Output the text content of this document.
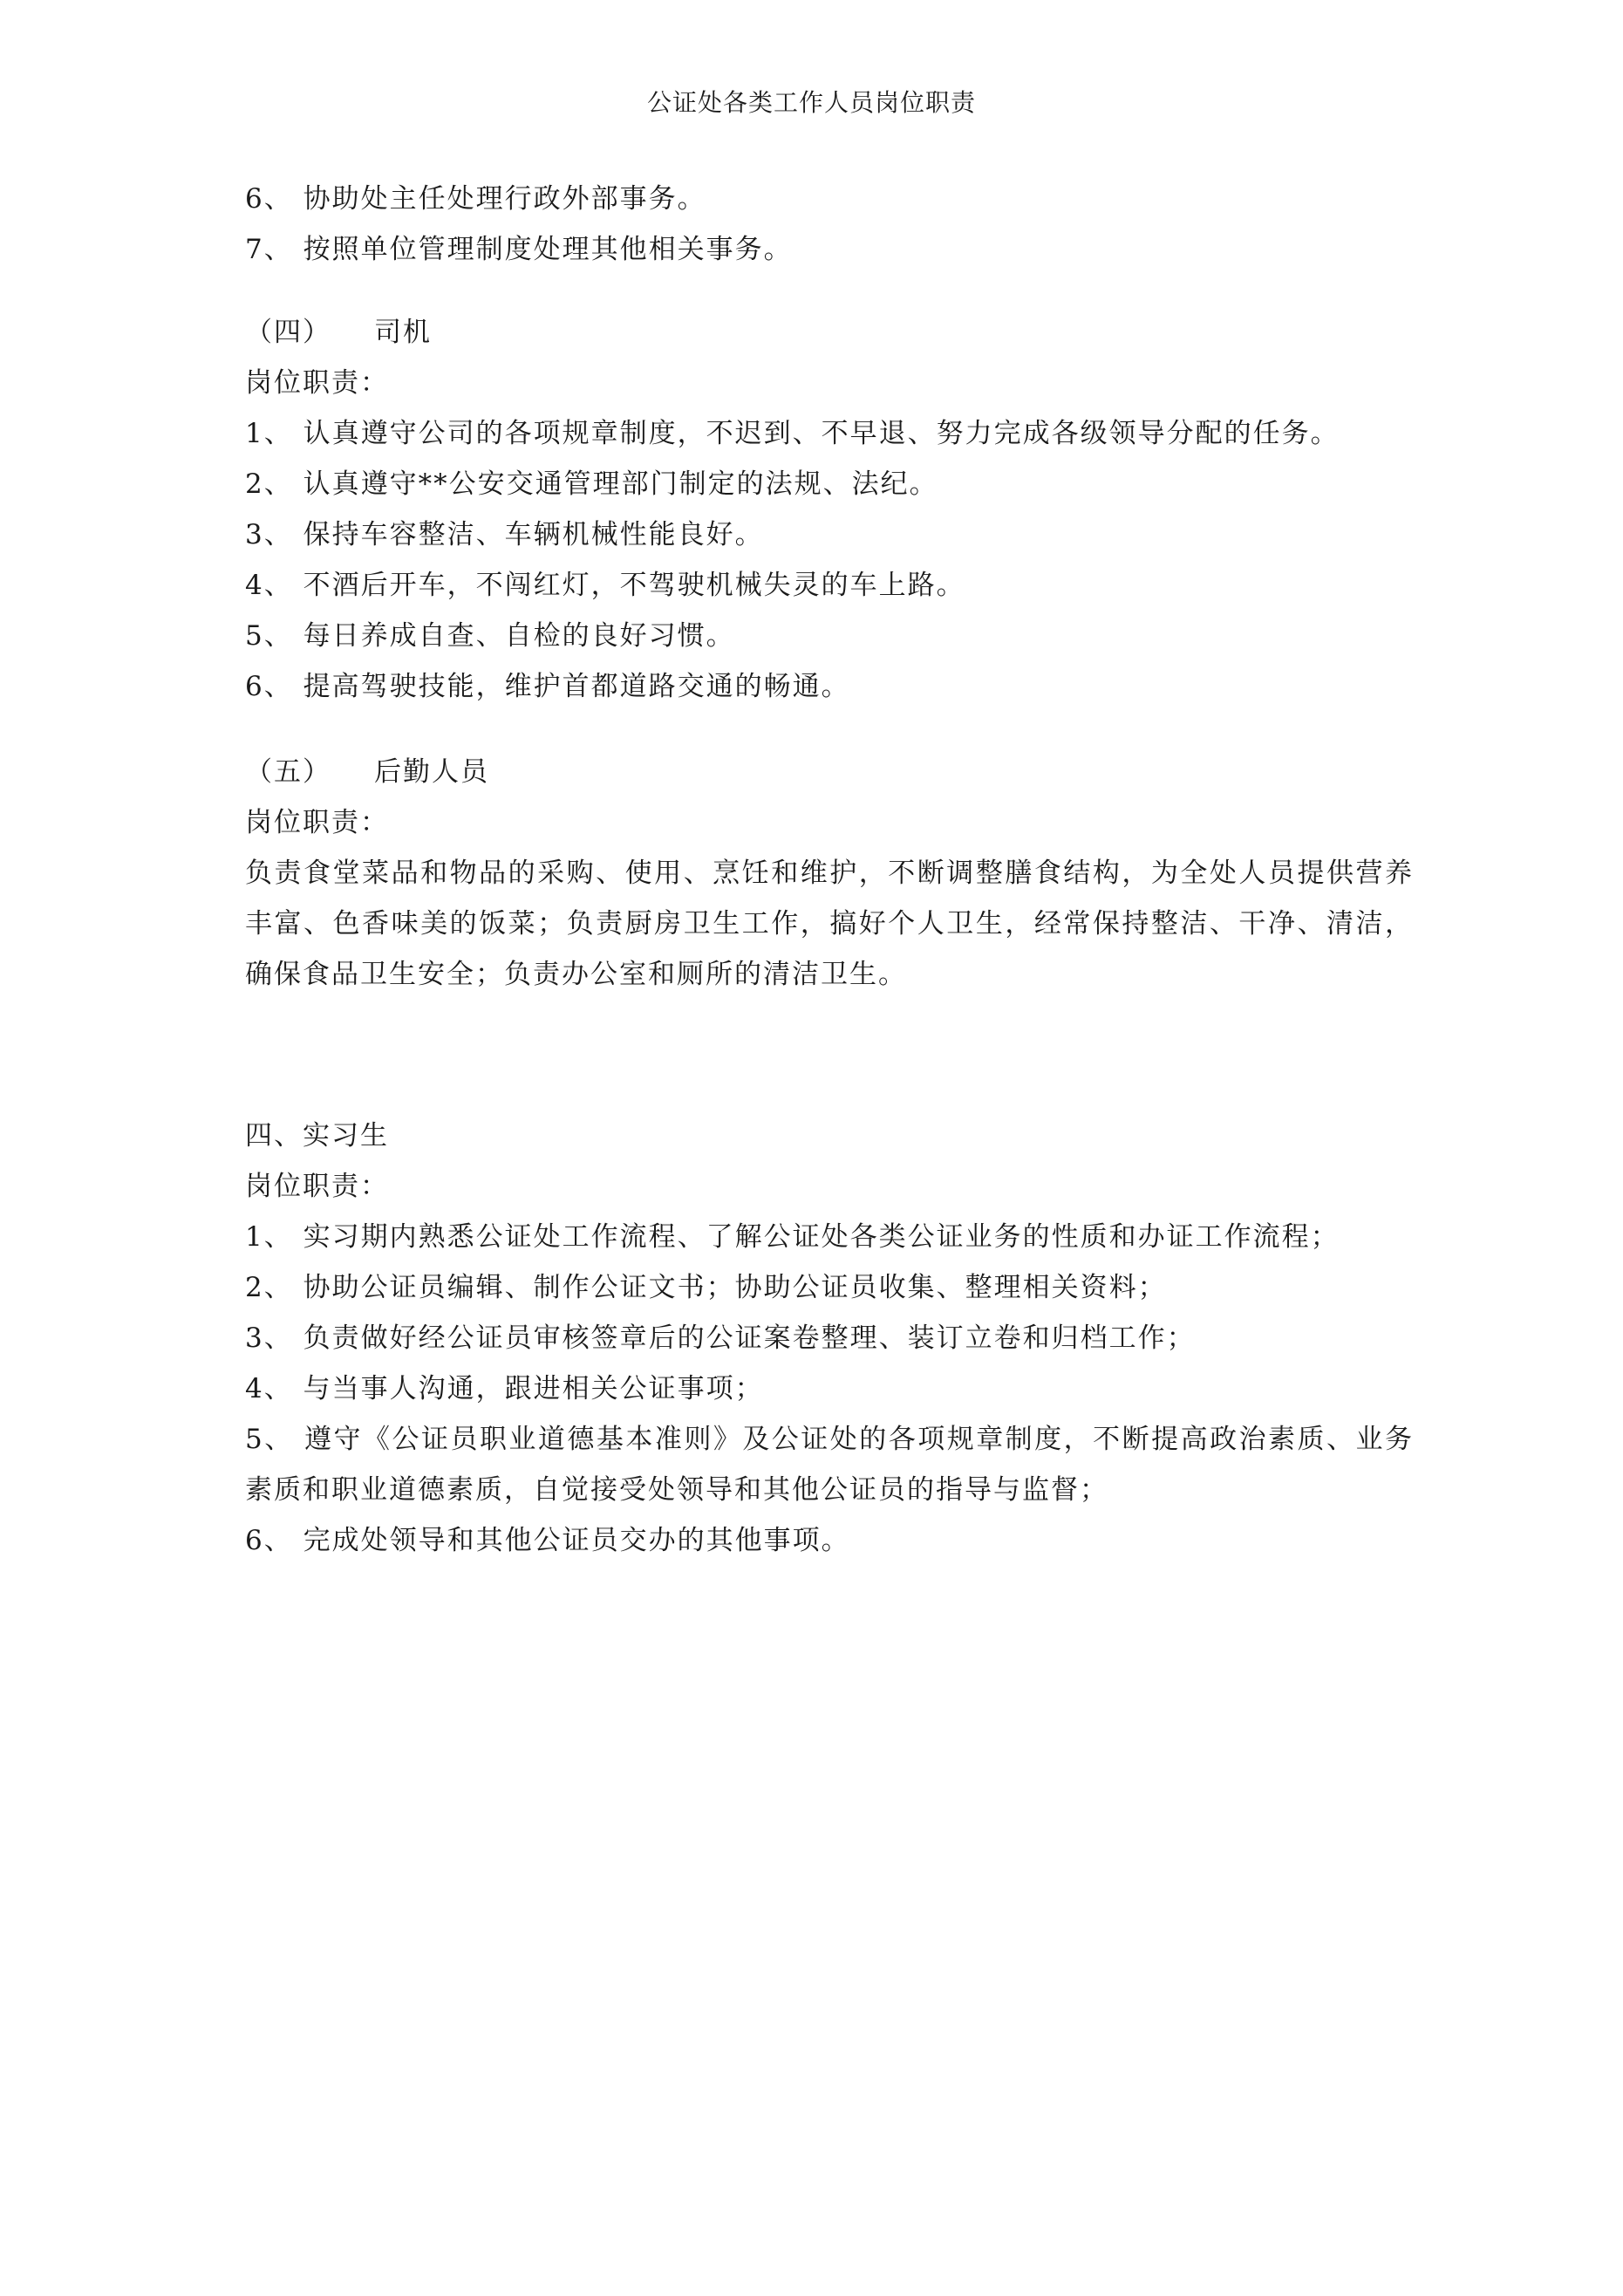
公证处各类工作人员岗位职责
6、 协助处主任处理行政外部事务。
7、 按照单位管理制度处理其他相关事务。
（四） 司机
岗位职责：
1、 认真遵守公司的各项规章制度，不迟到、不早退、努力完成各级领导分配的任务。
2、 认真遵守**公安交通管理部门制定的法规、法纪。
3、 保持车容整洁、车辆机械性能良好。
4、 不酒后开车，不闯红灯，不驾驶机械失灵的车上路。
5、 每日养成自查、自检的良好习惯。
6、 提高驾驶技能，维护首都道路交通的畅通。
（五） 后勤人员
岗位职责：
负责食堂菜品和物品的采购、使用、烹饪和维护，不断调整膳食结构，为全处人员提供营养丰富、色香味美的饭菜；负责厨房卫生工作，搞好个人卫生，经常保持整洁、干净、清洁，确保食品卫生安全；负责办公室和厕所的清洁卫生。
四、实习生
岗位职责：
1、 实习期内熟悉公证处工作流程、了解公证处各类公证业务的性质和办证工作流程；
2、 协助公证员编辑、制作公证文书；协助公证员收集、整理相关资料；
3、 负责做好经公证员审核签章后的公证案卷整理、装订立卷和归档工作；
4、 与当事人沟通，跟进相关公证事项；
5、 遵守《公证员职业道德基本准则》及公证处的各项规章制度，不断提高政治素质、业务素质和职业道德素质，自觉接受处领导和其他公证员的指导与监督；
6、 完成处领导和其他公证员交办的其他事项。
